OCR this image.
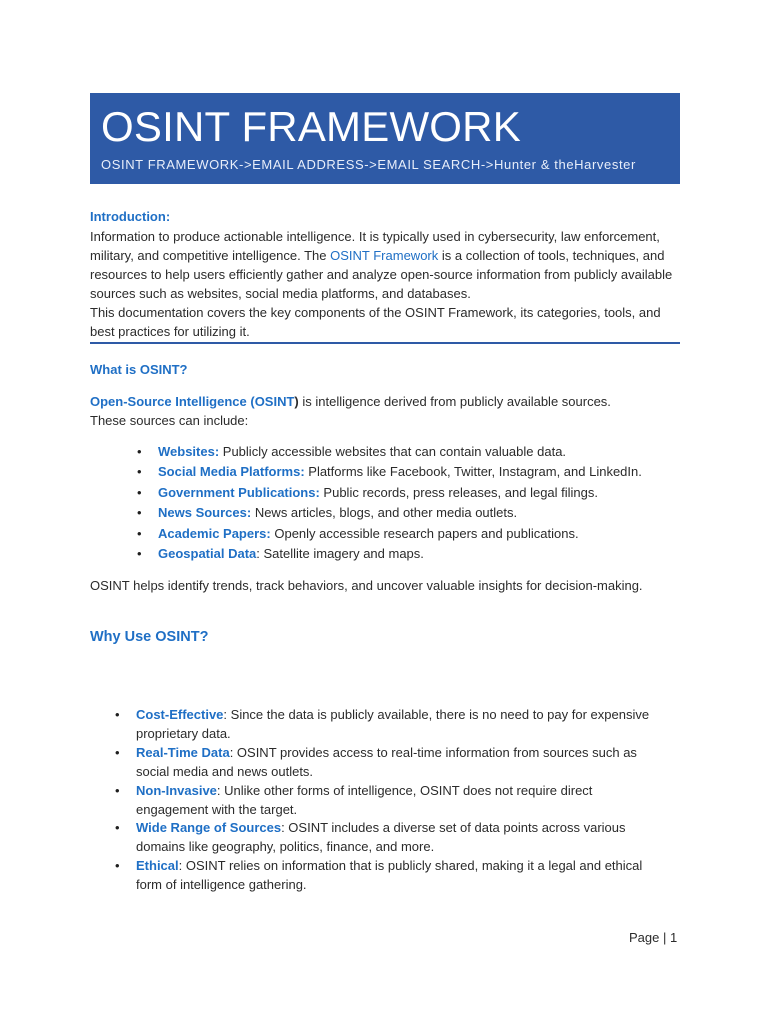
OSINT FRAMEWORK
OSINT FRAMEWORK->EMAIL ADDRESS->EMAIL SEARCH->Hunter & theHarvester
Introduction:

Information to produce actionable intelligence. It is typically used in cybersecurity, law enforcement,

military, and competitive intelligence. The OSINT Framework is a collection of tools, techniques, and

resources to help users efficiently gather and analyze open-source information from publicly available

sources such as websites, social media platforms, and databases.

This documentation covers the key components of the OSINT Framework, its categories, tools, and

best practices for utilizing it.

What is OSINT?

Open-Source Intelligence (OSINT) is intelligence derived from publicly available sources.

These sources can include:

• Websites: Publicly accessible websites that can contain valuable data.
• Social Media Platforms: Platforms like Facebook, Twitter, Instagram, and LinkedIn.
• Government Publications: Public records, press releases, and legal filings.
• News Sources: News articles, blogs, and other media outlets.
• Academic Papers: Openly accessible research papers and publications.
• Geospatial Data: Satellite imagery and maps.
OSINT helps identify trends, track behaviors, and uncover valuable insights for decision-making.
Why Use OSINT?
• Cost-Effective: Since the data is publicly available, there is no need to pay for expensive
proprietary data.
• Real-Time Data: OSINT provides access to real-time information from sources such as
social media and news outlets.
• Non-Invasive: Unlike other forms of intelligence, OSINT does not require direct
engagement with the target.
• Wide Range of Sources: OSINT includes a diverse set of data points across various
domains like geography, politics, finance, and more.
• Ethical: OSINT relies on information that is publicly shared, making it a legal and ethical
form of intelligence gathering.
Page | 1
